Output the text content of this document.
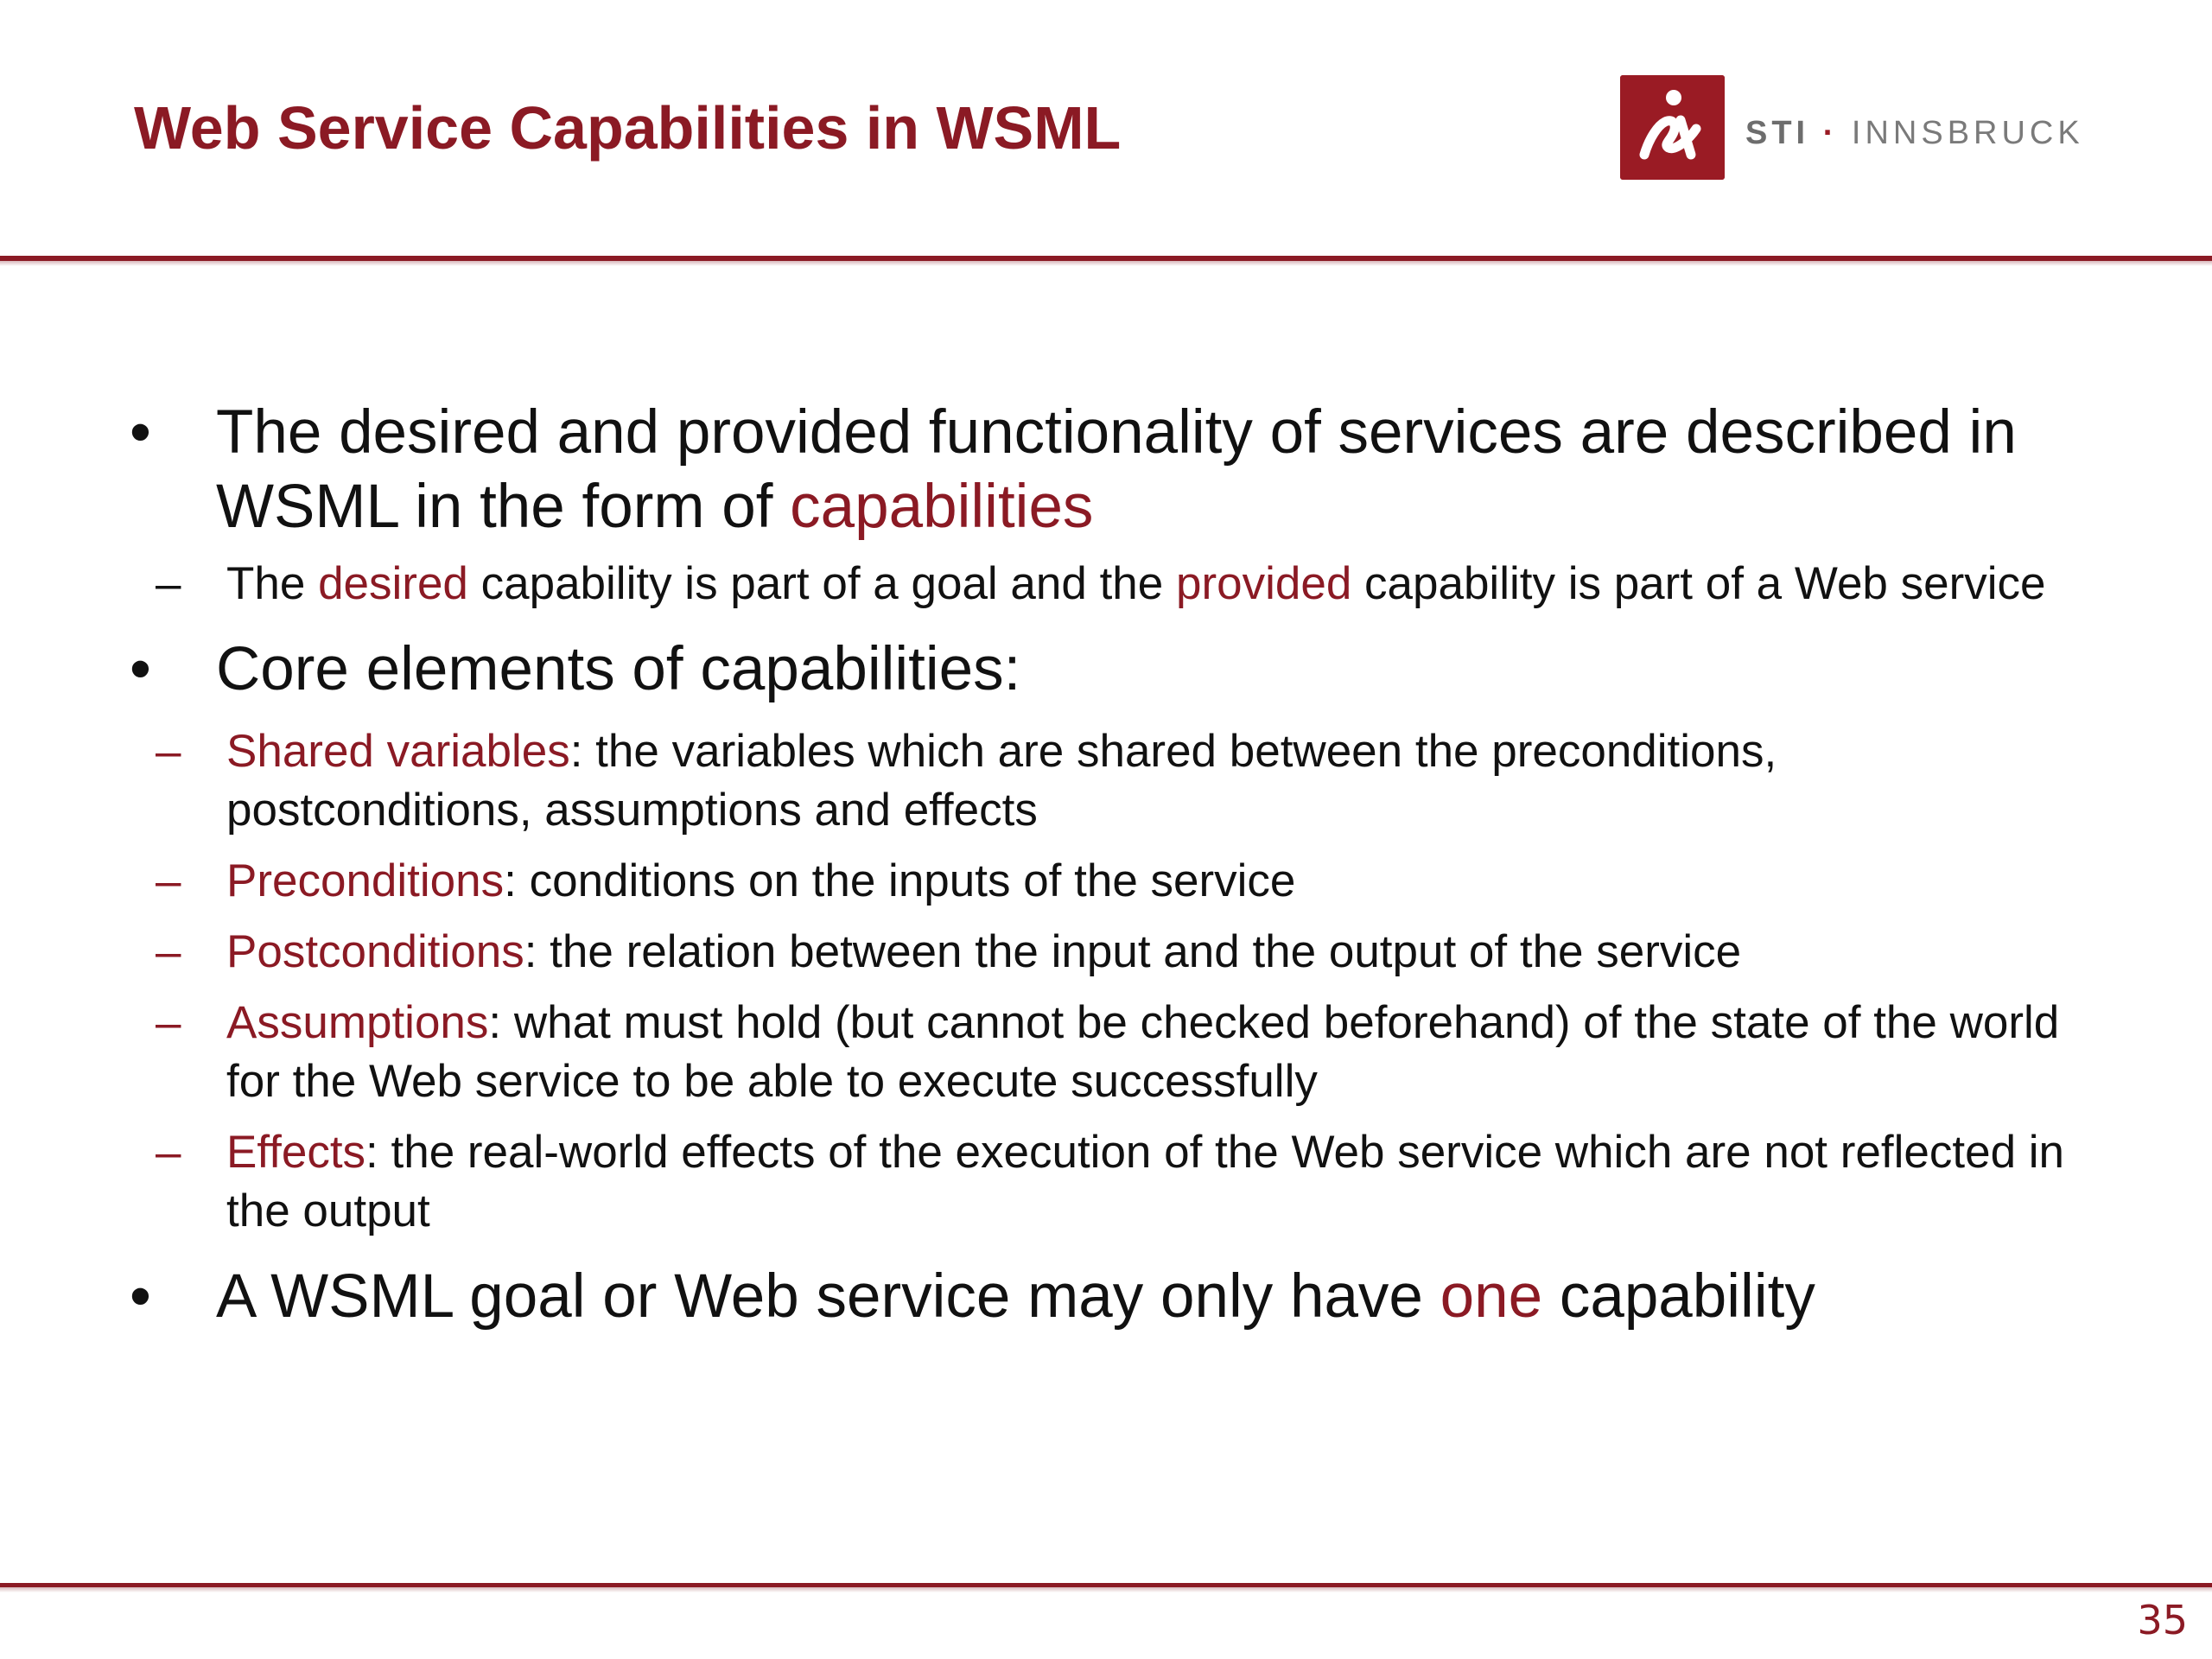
Web Service Capabilities in WSML	STI · INNSBRUCK
• The desired and provided functionality of services are described in WSML in the form of capabilities
– The desired capability is part of a goal and the provided capability is part of a Web service
• Core elements of capabilities:
– Shared variables: the variables which are shared between the preconditions, postconditions, assumptions and effects
– Preconditions: conditions on the inputs of the service
– Postconditions: the relation between the input and the output of the service
– Assumptions: what must hold (but cannot be checked beforehand) of the state of the world for the Web service to be able to execute successfully
– Effects: the real-world effects of the execution of the Web service which are not reflected in the output
• A WSML goal or Web service may only have one capability
35
